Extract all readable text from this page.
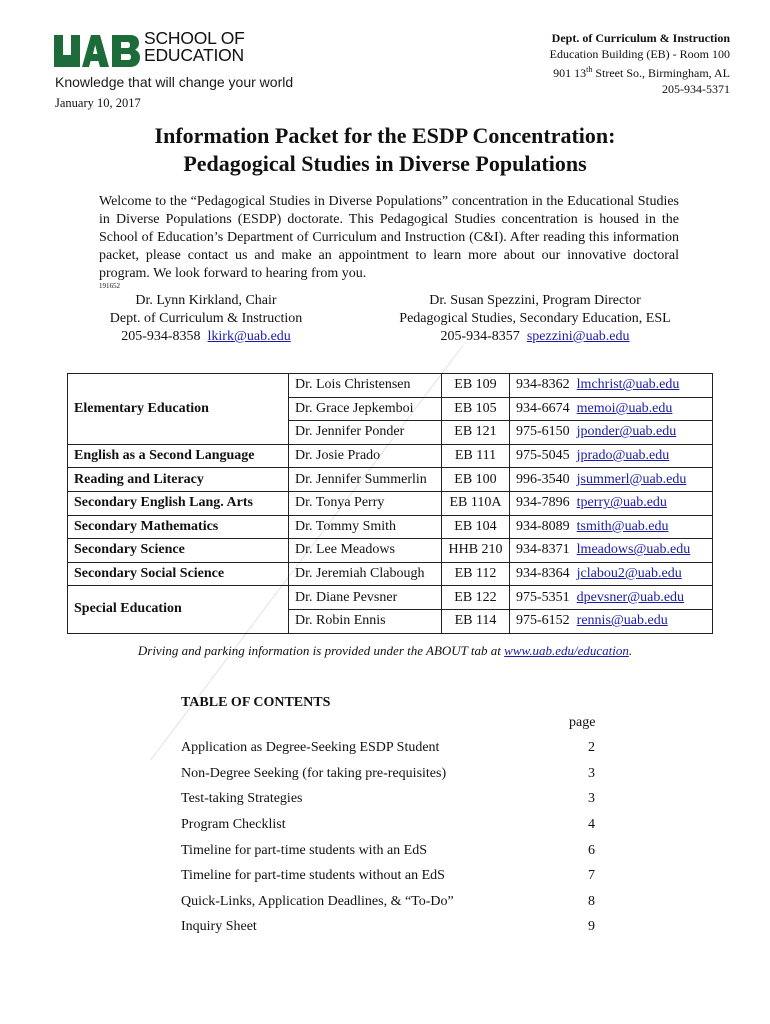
SCHOOL OF
EDUCATION
Knowledge that will change your world
Dept. of Curriculum & Instruction
Education Building (EB) - Room 100
901 13th Street So., Birmingham, AL
205-934-5371
January 10, 2017
Information Packet for the ESDP Concentration:
Pedagogical Studies in Diverse Populations
Welcome to the “Pedagogical Studies in Diverse Populations” concentration in the Educational Studies in Diverse Populations (ESDP) doctorate. This Pedagogical Studies concentration is housed in the School of Education’s Department of Curriculum and Instruction (C&I). After reading this information packet, please contact us and make an appointment to learn more about our innovative doctoral program. We look forward to hearing from you.
191652
Dr. Lynn Kirkland, Chair
Dept. of Curriculum & Instruction
205-934-8358 lkirk@uab.edu
Dr. Susan Spezzini, Program Director
Pedagogical Studies, Secondary Education, ESL
205-934-8357 spezzini@uab.edu
Elementary Education	Dr. Lois Christensen	EB 109	934-8362 lmchrist@uab.edu
	Dr. Grace Jepkemboi	EB 105	934-6674 memoi@uab.edu
	Dr. Jennifer Ponder	EB 121	975-6150 jponder@uab.edu
English as a Second Language	Dr. Josie Prado	EB 111	975-5045 jprado@uab.edu
Reading and Literacy	Dr. Jennifer Summerlin	EB 100	996-3540 jsummerl@uab.edu
Secondary English Lang. Arts	Dr. Tonya Perry	EB 110A	934-7896 tperry@uab.edu
Secondary Mathematics	Dr. Tommy Smith	EB 104	934-8089 tsmith@uab.edu
Secondary Science	Dr. Lee Meadows	HHB 210	934-8371 lmeadows@uab.edu
Secondary Social Science	Dr. Jeremiah Clabough	EB 112	934-8364 jclabou2@uab.edu
Special Education	Dr. Diane Pevsner	EB 122	975-5351 dpevsner@uab.edu
	Dr. Robin Ennis	EB 114	975-6152 rennis@uab.edu
Driving and parking information is provided under the ABOUT tab at www.uab.edu/education.
TABLE OF CONTENTS
page
Application as Degree-Seeking ESDP Student	2
Non-Degree Seeking (for taking pre-requisites)	3
Test-taking Strategies	3
Program Checklist	4
Timeline for part-time students with an EdS	6
Timeline for part-time students without an EdS	7
Quick-Links, Application Deadlines, & “To-Do”	8
Inquiry Sheet	9
